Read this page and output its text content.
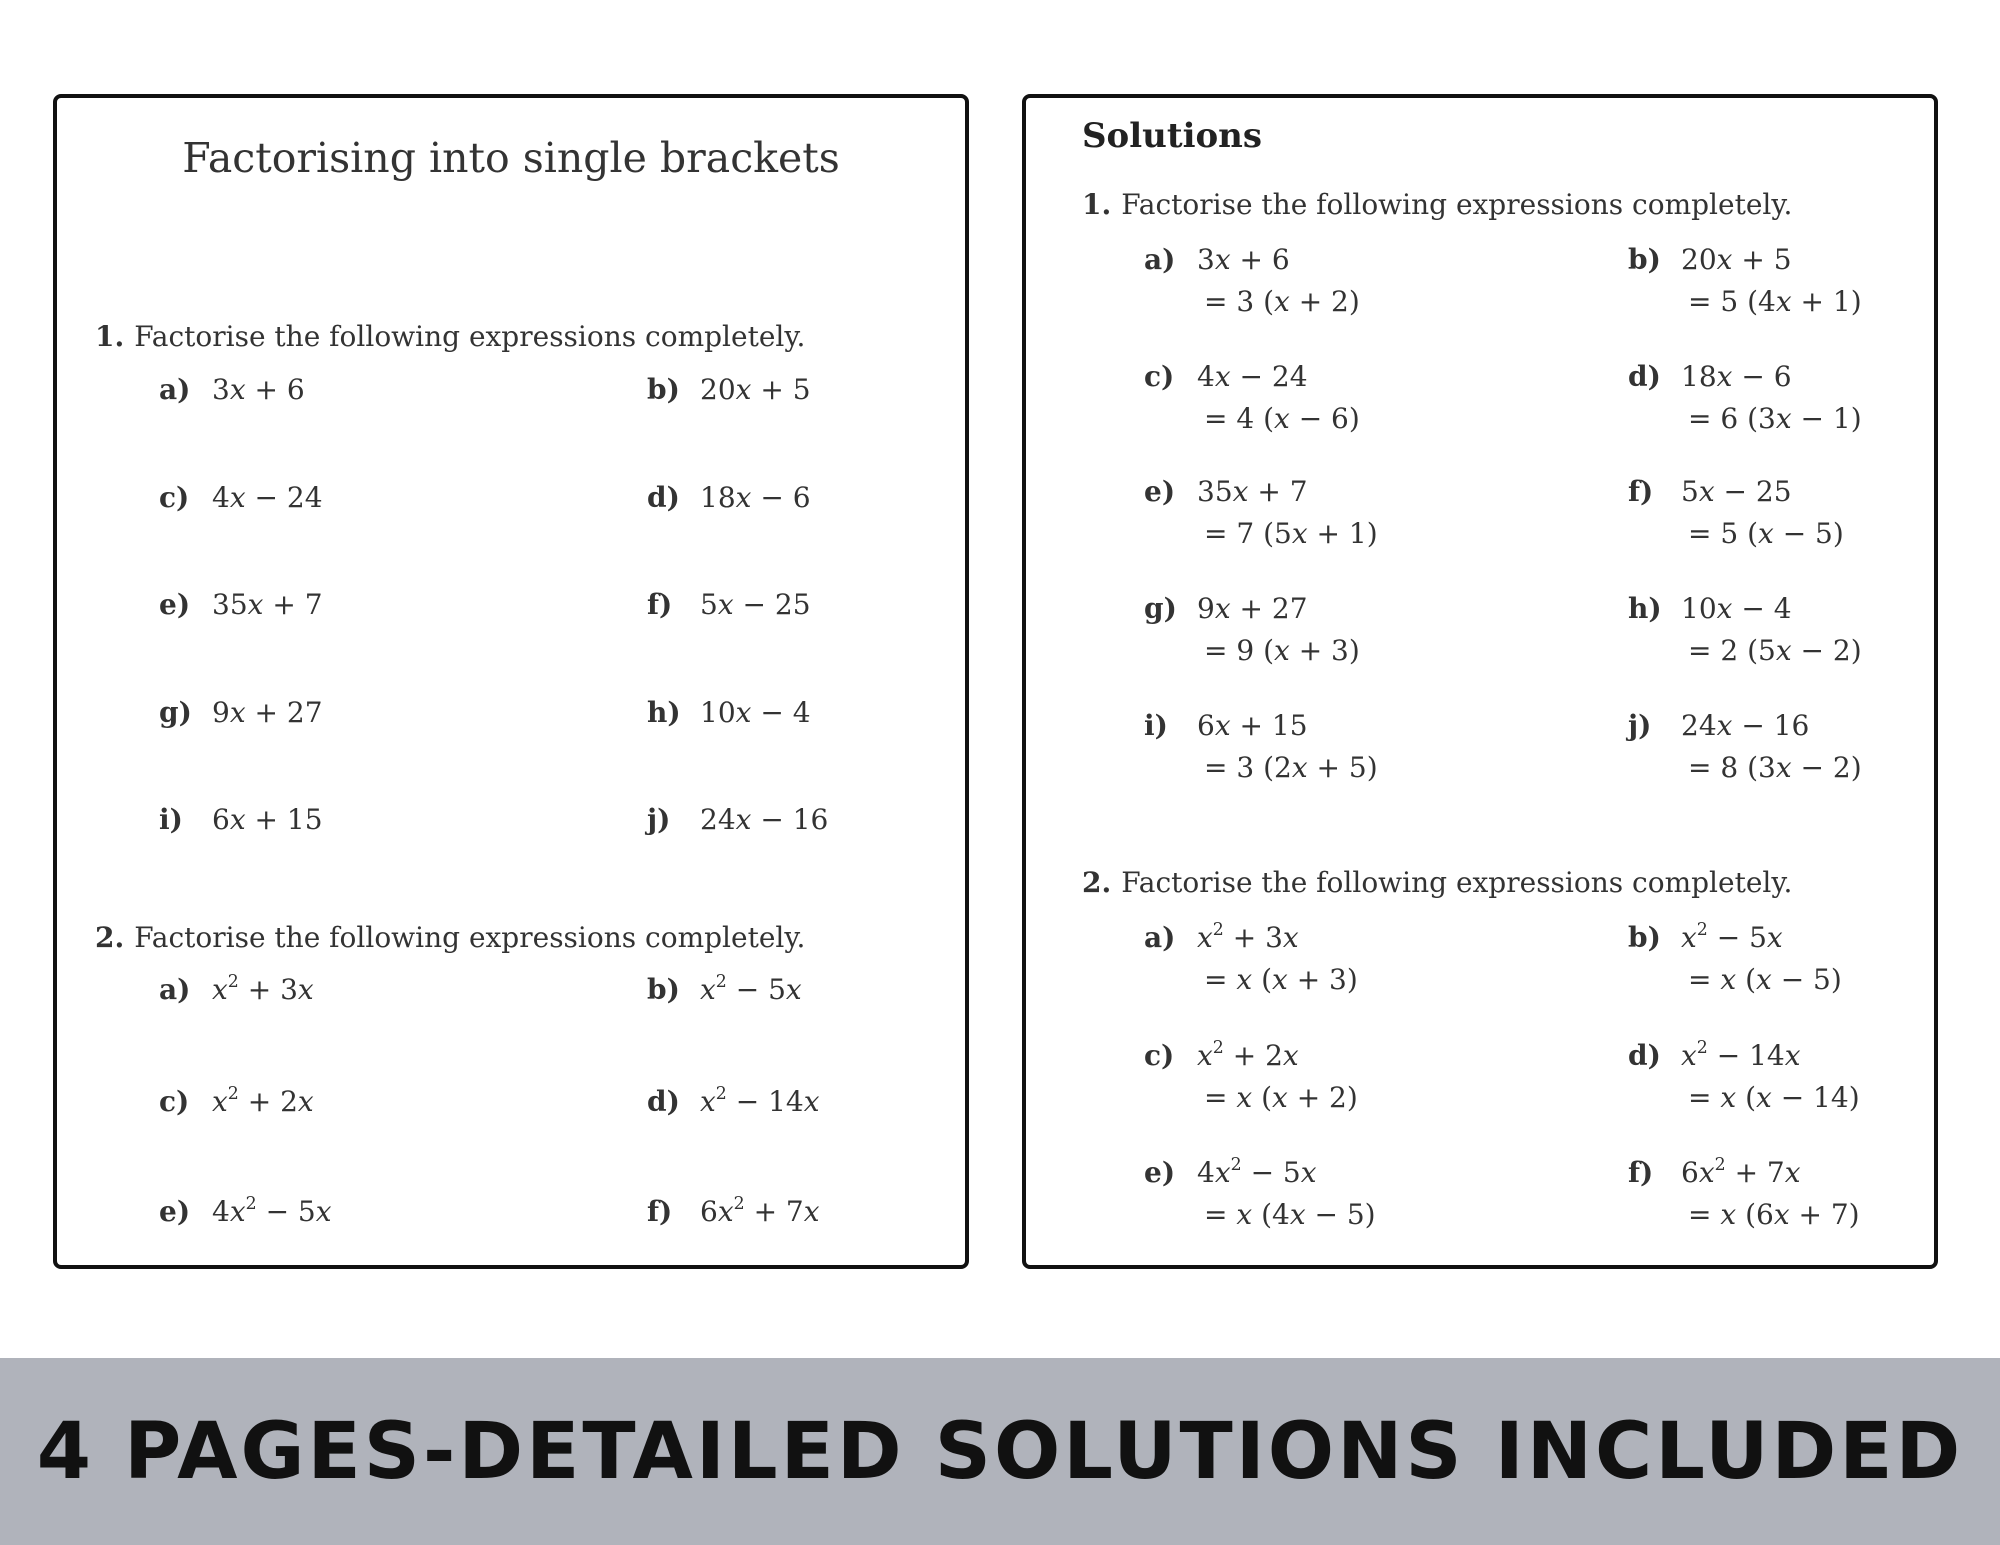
Factorising into single brackets
1. Factorise the following expressions completely.
a) 3x + 6	b) 20x + 5
c) 4x − 24	d) 18x − 6
e) 35x + 7	f) 5x − 25
g) 9x + 27	h) 10x − 4
i) 6x + 15	j) 24x − 16
2. Factorise the following expressions completely.
a) $x^2 + 3x$	b) $x^2 - 5x$
c) $x^2 + 2x$	d) $x^2 - 14x$
e) $4x^2 - 5x$	f) $6x^2 + 7x$
Solutions
1. Factorise the following expressions completely.
a) 3x + 6
= 3 (x + 2)
b) 20x + 5
= 5 (4x + 1)
c) 4x − 24
= 4 (x − 6)
d) 18x − 6
= 6 (3x − 1)
e) 35x + 7
= 7 (5x + 1)
f) 5x − 25
= 5 (x − 5)
g) 9x + 27
= 9 (x + 3)
h) 10x − 4
= 2 (5x − 2)
i) 6x + 15
= 3 (2x + 5)
j) 24x − 16
= 8 (3x − 2)
2. Factorise the following expressions completely.
a) $x^2 + 3x$
= x (x + 3)
b) $x^2 - 5x$
= x (x − 5)
c) $x^2 + 2x$
= x (x + 2)
d) $x^2 - 14x$
= x (x − 14)
e) $4x^2 - 5x$
= x (4x − 5)
f) $6x^2 + 7x$
= x (6x + 7)
4 PAGES-DETAILED SOLUTIONS INCLUDED
